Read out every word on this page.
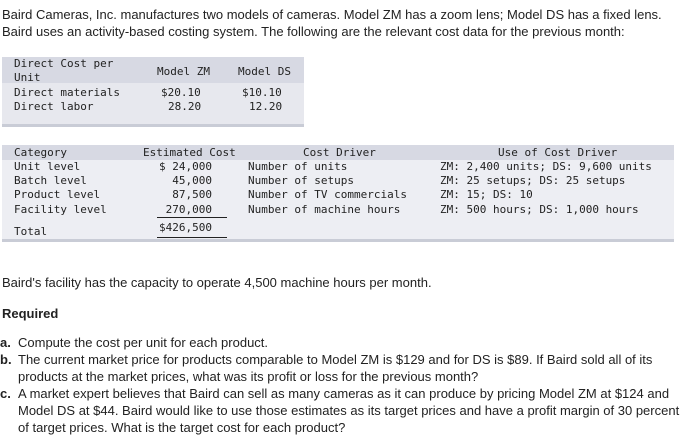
Baird Cameras, Inc. manufactures two models of cameras. Model ZM has a zoom lens; Model DS has a fixed lens. Baird uses an activity-based costing system. The following are the relevant cost data for the previous month:
Direct Cost per
Unit	Model ZM	Model DS
Direct materials	$20.10	$10.10
Direct labor	28.20	12.20
Category	Estimated Cost	Cost Driver	Use of Cost Driver
Unit level	$ 24,000	Number of units	ZM: 2,400 units; DS: 9,600 units
Batch level	45,000	Number of setups	ZM: 25 setups; DS: 25 setups
Product level	87,500	Number of TV commercials	ZM: 15; DS: 10
Facility level	270,000	Number of machine hours	ZM: 500 hours; DS: 1,000 hours
Total	$426,500
Baird's facility has the capacity to operate 4,500 machine hours per month.
Required
a. Compute the cost per unit for each product.
b. The current market price for products comparable to Model ZM is $129 and for DS is $89. If Baird sold all of its products at the market prices, what was its profit or loss for the previous month?
c. A market expert believes that Baird can sell as many cameras as it can produce by pricing Model ZM at $124 and Model DS at $44. Baird would like to use those estimates as its target prices and have a profit margin of 30 percent of target prices. What is the target cost for each product?
